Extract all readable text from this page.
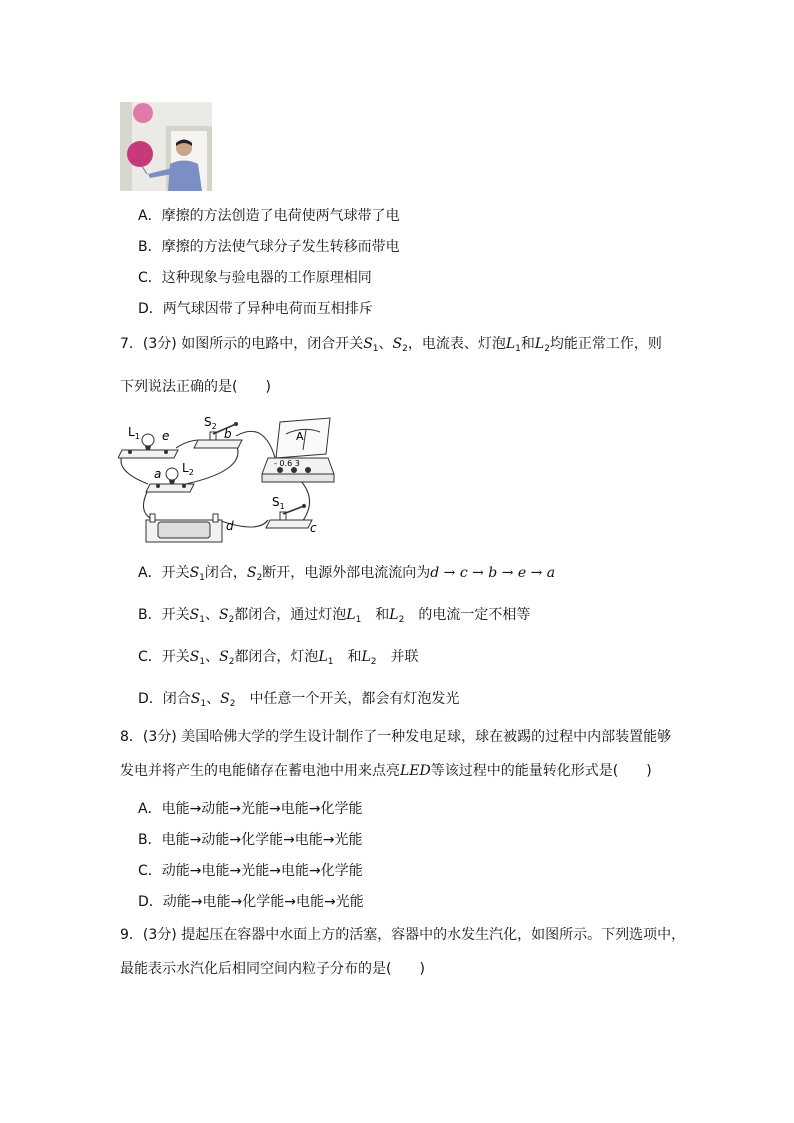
A．摩擦的方法创造了电荷使两气球带了电
B．摩擦的方法使气球分子发生转移而带电
C．这种现象与验电器的工作原理相同
D．两气球因带了异种电荷而互相排斥
7．(3分) 如图所示的电路中，闭合开关$S_1$、$S_2$，电流表、灯泡$L_1$和$L_2$均能正常工作，则
下列说法正确的是(　　)
$L_1$ e
$S_2$
b	A
- 0.6 3
a $L_2$
d
$S_1$
c
A．开关$S_1$闭合，$S_2$断开，电源外部电流流向为d → c → b → e → a
B．开关$S_1$、$S_2$都闭合，通过灯泡$L_1$　 和$L_2$　 的电流一定不相等
C．开关$S_1$、$S_2$都闭合，灯泡$L_1$　 和$L_2$　 并联
D．闭合$S_1$、$S_2$　 中任意一个开关，都会有灯泡发光
8．(3分) 美国哈佛大学的学生设计制作了一种发电足球，球在被踢的过程中内部装置能够
发电并将产生的电能储存在蓄电池中用来点亮LED等该过程中的能量转化形式是(　　)
A．电能→动能→光能→电能→化学能
B．电能→动能→化学能→电能→光能
C．动能→电能→光能→电能→化学能
D．动能→电能→化学能→电能→光能
9．(3分) 提起压在容器中水面上方的活塞，容器中的水发生汽化，如图所示。下列选项中，
最能表示水汽化后相同空间内粒子分布的是(　　)
